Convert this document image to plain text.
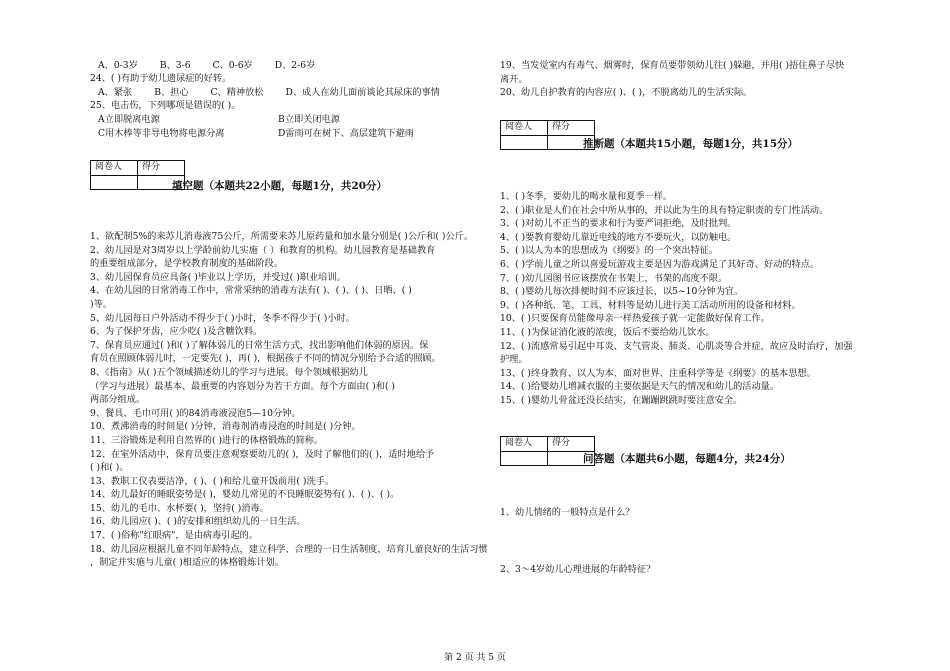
A、0-3岁 B、3-6 C、0-6岁 D、2-6岁
24、( )有助于幼儿遗尿症的好转。
A、紧张 B、担心 C、精神放松 D、成人在幼儿面前谈论其尿床的事情
25、电击伤，下列哪项是错误的( )。
A立即脱离电源	B立即关闭电源
C用木棒等非导电物将电源分离	D雷雨可在树下、高层建筑下避雨
阅卷人	得分

填空题（本题共22小题，每题1分，共20分）
1、欲配制5%的来苏儿消毒液75公斤，所需要来苏儿原药量和加水量分别是( )公斤和( )公斤。
2、幼儿园是对3周岁以上学龄前幼儿实施（ ）和教育的机构。幼儿园教育是基础教育
的重要组成部分，是学校教育制度的基础阶段。
3、幼儿园保育员应具备( )毕业以上学历，并受过( )职业培训。
4、在幼儿园的日常消毒工作中，常常采纳的消毒方法有( )、( )、( )、日晒、( )
)等。
5、幼儿园每日户外活动不得少于( )小时，冬季不得少于( )小时。
6、为了保护牙齿，应少吃( )及含糖饮料。
7、保育员应通过( )和( )了解体弱儿的日常生活方式，找出影响他们体弱的原因。保
育员在照顾体弱儿时，一定要先( )，再( )，根据孩子不同的情况分别给予合适的照顾。
8、《指南》从( )五个领域描述幼儿的学习与进展。每个领域根据幼儿
（学习与进展）最基本、最重要的内容划分为若干方面。每个方面由( )和( )
两部分组成。
9、餐具、毛巾可用( )的84消毒液浸泡5—10分钟。
10、煮沸消毒的时间是( )分钟，消毒剂消毒浸泡的时间是( )分钟。
11、三浴锻炼是利用自然界的( )进行的体格锻炼的简称。
12、在室外活动中，保育员要注意观察要幼儿的( )，及时了解他们的( )，适时地给予
( )和( )。
13、教职工仪表要洁净，( )、( )和给儿童开饭前用( )洗手。
14、幼儿最好的睡眠姿势是( )，婴幼儿常见的不良睡眠姿势有( )、( )、( )。
15、幼儿的毛巾、水杯要( )，坚持( )消毒。
16、幼儿园应( )、( )的安排和组织幼儿的一日生活。
17、( )俗称"红眼病"，是由病毒引起的。
18、幼儿园应根据儿童不同年龄特点，建立科学、合理的一日生活制度，培育儿童良好的生活习惯
，制定并实施与儿童( )相适应的体格锻炼计划。
19、当发觉室内有毒气、烟雾时，保育员要带领幼儿往( )躲避，并用( )捂住鼻子尽快
离开。
20、幼儿自护教育的内容应( )、( )，不脱离幼儿的生活实际。
阅卷人	得分

推断题（本题共15小题，每题1分，共15分）
1、( )冬季，要幼儿的喝水量和夏季一样。
2、( )职业是人们在社会中所从事的，并以此为生的具有特定职责的专门性活动。
3、( )对幼儿不正当的要求和行为要严词拒绝，及时批判。
4、( )要教育婴幼儿靠近电线的地方不要玩火，以防触电。
5、( )以人为本的思想成为《纲要》的一个突出特征。
6、( )学前儿童之所以喜爱玩游戏主要是因为游戏满足了其好奇、好动的特点。
7、( )幼儿园图书应该摆放在书架上，书架的高度不限。
8、( )婴幼儿每次排便时间不应该过长，以5~10分钟为宜。
9、( )各种纸、笔、工具、材料等是幼儿进行美工活动所用的设备和材料。
10、( )只要保育员能像母亲一样热爱孩子就一定能做好保育工作。
11、( )为保证消化液的浓度，饭后不要给幼儿饮水。
12、( )流感常易引起中耳炎、支气管炎、肺炎、心肌炎等合并症，故应及时治疗，加强
护理。
13、( )终身教育、以人为本、面对世界、注重科学等是《纲要》的基本思想。
14、( )给婴幼儿增减衣服的主要依据是天气的情况和幼儿的活动量。
15、( )婴幼儿骨盆还没长结实，在蹦蹦跳跳时要注意安全。
阅卷人	得分

问答题（本题共6小题，每题4分，共24分）
1、幼儿情绪的一般特点是什么？
2、3～4岁幼儿心理进展的年龄特征？
第 2 页 共 5 页
